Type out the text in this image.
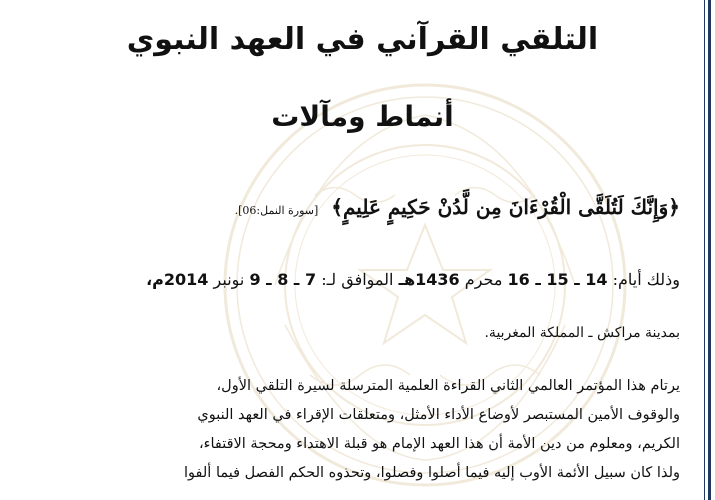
التلقي القرآني في العهد النبوي
أنماط ومآلات
﴿وَإِنَّكَ لَتُلَقَّى الْقُرْءَانَ مِن لَّدُنْ حَكِيمٍ عَلِيمٍ﴾ [سورة النمل:06].
وذلك أيام: 14 ـ 15 ـ 16 محرم 1436هـ الموافق لـ: 7 ـ 8 ـ 9 نونبر 2014م،
بمدينة مراكش ـ المملكة المغربية.
يرتام هذا المؤتمر العالمي الثاني القراءة العلمية المترسلة لسيرة التلقي الأول،
والوقوف الأمين المستبصر لأوضاع الأداء الأمثل، ومتعلقات الإقراء في العهد النبوي
الكريم، ومعلوم من دين الأمة أن هذا العهد الإمام هو قبلة الاهتداء ومحجة الاقتفاء،
ولذا كان سبيل الأئمة الأوب إليه فيما أصلوا وفصلوا، وتحذوه الحكم الفصل فيما ألفوا
